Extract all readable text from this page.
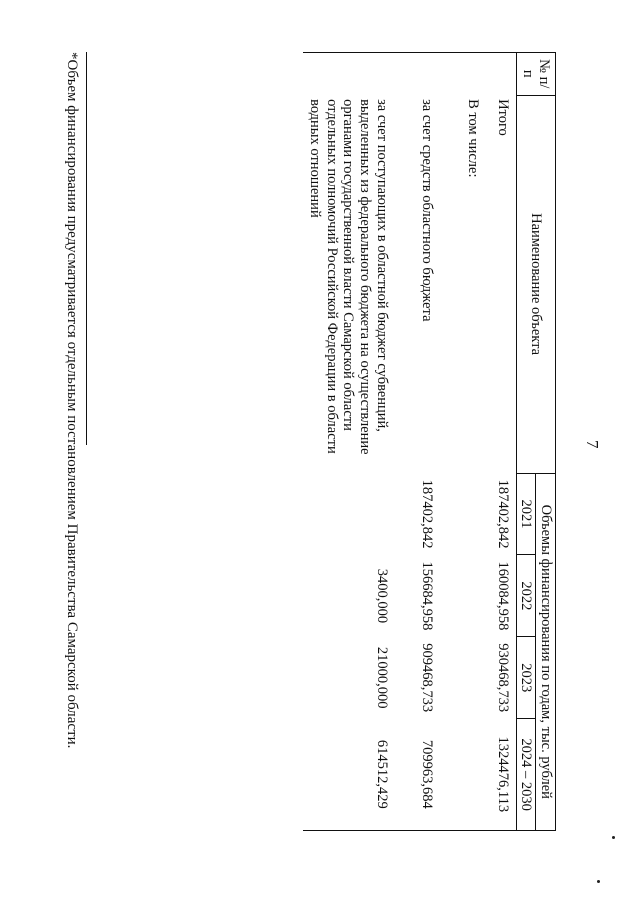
7
№ п/п	Наименование объекта	Объемы финансирования по годам, тыс. рублей			
		2021	2022	2023	2024 – 2030
	Итого	187402,842	160084,958	930468,733	1324476,113
	В том числе:				
	за счет средств областного бюджета	187402,842	156684,958	909468,733	709963,684
	за счет поступающих в областной бюджет субвенций, выделенных из федерального бюджета на осуществление органами государственной власти Самарской области отдельных полномочий Российской Федерации в области водных отношений		3400,000	21000,000	614512,429
*Объем финансирования предусматривается отдельным постановлением Правительства Самарской области.
